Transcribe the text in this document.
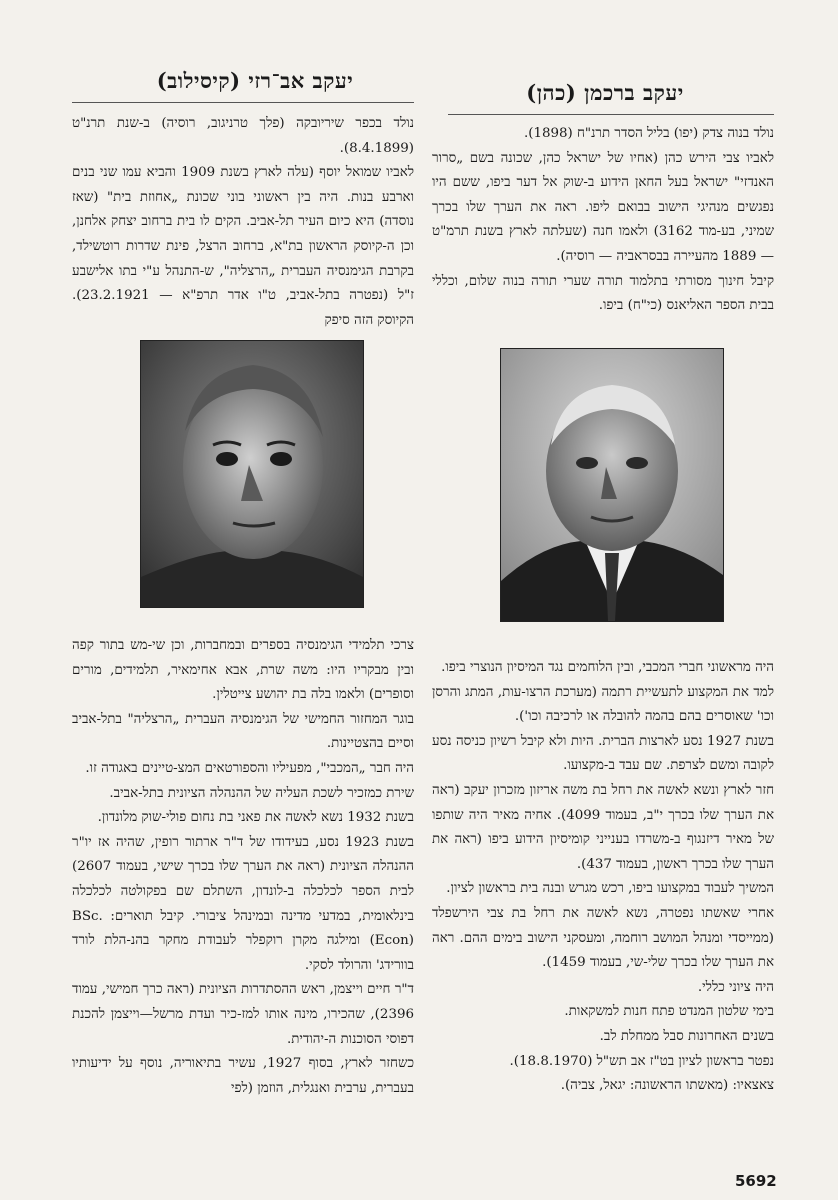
יעקב ברכמן (כהן)

נולד בנוה צדק (יפו) בליל הסדר תרנ"ח (1898).

לאביו צבי הירש כהן (אחיו של ישראל כהן, שכונה בשם „סרור האנדזי" ישראל בעל החאן הידוע ב-שוק אל דער ביפו, ששם היו נפגשים מנהיגי הישוב בבואם ליפו. ראה את הערך שלו בכרך שמיני, בע-מוד 3162) ולאמו חנה (שעלתה לארץ בשנת תרמ"ט — 1889 מהעיירה בבסראביה — רוסיה).

קיבל חינוך מסורתי בתלמוד תורה שערי תורה בנוה שלום, וכללי בבית הספר האליאנס (כי"ח) ביפו.

היה מראשוני חברי המכבי, ובין הלוחמים נגד המיסיון הנוצרי ביפו.

למד את המקצוע לתעשיית רתמה (מערכת הרצו-עות, המתג והרסן וכו' שאוסרים בהם בהמה להובלה או לרכיבה וכו').

בשנת 1927 נסע לארצות הברית. היות ולא קיבל רשיון כניסה נסע לקובה ומשם לצרפת. שם עבד ב-מקצועו.

חזר לארץ ונשא לאשה את רחל בת משה אריזון מזכרון יעקב (ראה את הערך שלו בכרך י"ב, בעמוד 4099). אחיה מאיר היה שותפו של מאיר דיזנגוף ב-משרדו בענייני קומיסיון הידוע ביפו (ראה את הערך שלו בכרך ראשון, בעמוד 437).

המשיך לעבוד במקצועו ביפו, רכש מגרש ובנה בית בראשון לציון.

אחרי שאשתו נפטרה, נשא לאשה את רחל בת צבי הירשפלד (ממייסדי ומנהל המושב רוחמה, ומעסקני הישוב בימים ההם. ראה את הערך שלו בכרך שלי-שי, בעמוד 1459).

היה ציוני כללי.

בימי שלטון המנדט פתח חנות למשקאות.

בשנים האחרונות סבל ממחלת לב.

נפטר בראשון לציון בט"ז אב תש"ל (18.8.1970).

צאצאיו: (מאשתו הראשונה: יגאל, צביה).

יעקב אב־רזי (קיסילוב)

נולד בכפר שיריובקה (פלך טרניגוב, רוסיה) ב-שנת תרנ"ט (8.4.1899).

לאביו שמואל יוסף (עלה לארץ בשנת 1909 והביא עמו שני בנים וארבע בנות. היה בין ראשוני בוני שכונת „אחוזת בית" (שאז נוסדה) היא כיום העיר תל-אביב. הקים לו בית ברחוב יצחק אלחנן, וכן ה-קיוסק הראשון בת"א, ברחוב הרצל, פינת שדרות רוטשילד, בקרבת הגימנסיה העברית „הרצליה", ש-התנהל ע"י בתו אלישבע ז"ל (נפטרה בתל-אביב, ט"ו אדר תרפ"א — 23.2.1921). הקיוסק הזה סיפק

צרכי תלמידי הגימנסיה בספרים ובמחברות, וכן שי-מש בתור קפה ובין מבקריו היו: משה שרת, אבא אחימאיר, תלמידים, מורים וסופרים) ולאמו בלה בת יהושע צייטלין.

בוגר המחזור החמישי של הגימנסיה העברית „הרצליה" בתל-אביב וסיים בהצטיינות.

היה חבר „המכבי", מפעיליו והספורטאים המצ-טיינים באגודה זו.

שירת כמזכיר לשכת העליה של ההנהלה הציונית בתל-אביב.

בשנת 1932 נשא לאשה את פאני בת נחום פולי-שוק מלונדון.

בשנת 1923 נסע, בעידודו של ד"ר ארתור רופין, שהיה אז יו"ר ההנהלה הציונית (ראה את הערך שלו בכרך שישי, בעמוד 2607) לבית הספר לכלכלה ב-לונדון, השתלם שם בפקולטה לכלכלה בינלאומית, במדעי מדינה ובמינהל ציבורי. קיבל תוארים: .BSc (Econ) ומילגה מקרן רוקפלר לעבודת מחקר בהנ-הלת לורד בוורידג' והרולד לסקי.

ד"ר חיים וייצמן, ראש ההסתדרות הציונית (ראה כרך חמישי, עמוד 2396), שהכירו, מינה אותו למז-כיר ועדת מרשל—וייצמן להכנת דפוסי הסוכנות ה-יהודית.

כשחזר לארץ, בסוף 1927, עשיר בתיאוריה, נוסף על ידיעותיו בעברית, ערבית ואנגלית, הוזמן (לפי

5692
